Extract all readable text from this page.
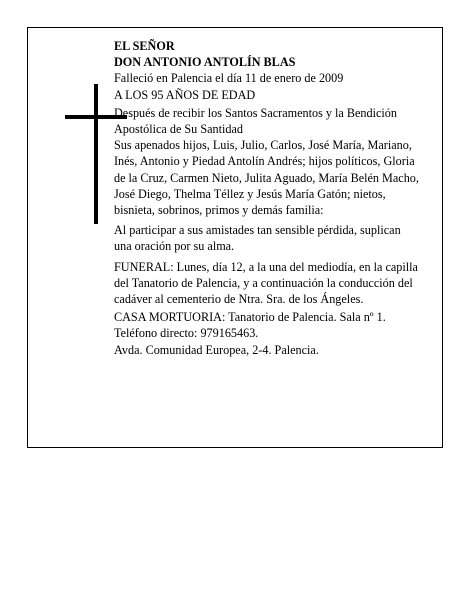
EL SEÑOR

DON ANTONIO ANTOLÍN BLAS

Falleció en Palencia el día 11 de enero de 2009

A LOS 95 AÑOS DE EDAD

Después de recibir los Santos Sacramentos y la Bendición Apostólica de Su Santidad

Sus apenados hijos, Luis, Julio, Carlos, José María, Mariano, Inés, Antonio y Piedad Antolín Andrés; hijos políticos, Gloria de la Cruz, Carmen Nieto, Julita Aguado, María Belén Macho, José Diego, Thelma Téllez y Jesús María Gatón; nietos, bisnieta, sobrinos, primos y demás familia:

Al participar a sus amistades tan sensible pérdida, suplican una oración por su alma.

FUNERAL: Lunes, día 12, a la una del mediodía, en la capilla del Tanatorio de Palencia, y a continuación la conducción del cadáver al cementerio de Ntra. Sra. de los Ángeles.

CASA MORTUORIA: Tanatorio de Palencia. Sala nº 1. Teléfono directo: 979165463.

Avda. Comunidad Europea, 2-4. Palencia.
